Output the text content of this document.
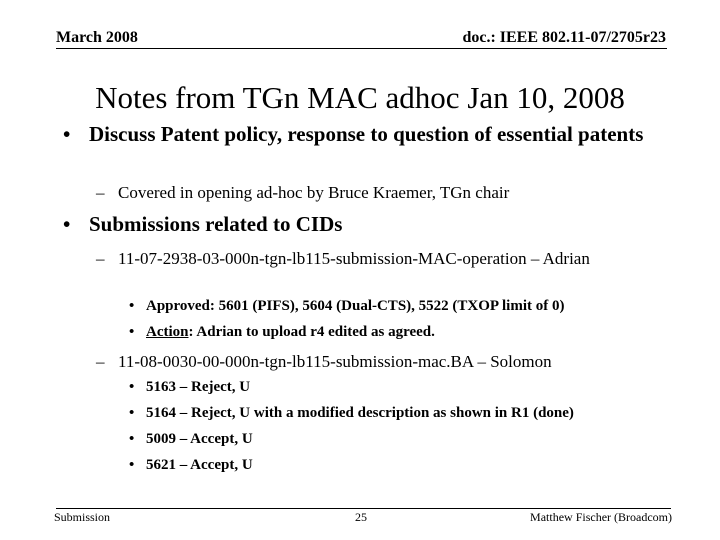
March 2008	doc.: IEEE 802.11-07/2705r23
Notes from TGn MAC adhoc Jan 10, 2008
• Discuss Patent policy, response to question of essential patents
– Covered in opening ad-hoc by Bruce Kraemer, TGn chair
• Submissions related to CIDs
– 11-07-2938-03-000n-tgn-lb115-submission-MAC-operation – Adrian
• Approved: 5601 (PIFS), 5604 (Dual-CTS), 5522 (TXOP limit of 0)
• Action: Adrian to upload r4 edited as agreed.
– 11-08-0030-00-000n-tgn-lb115-submission-mac.BA – Solomon
• 5163 – Reject, U
• 5164 – Reject, U with a modified description as shown in R1 (done)
• 5009 – Accept, U
• 5621 – Accept, U
Submission	25	Matthew Fischer (Broadcom)
